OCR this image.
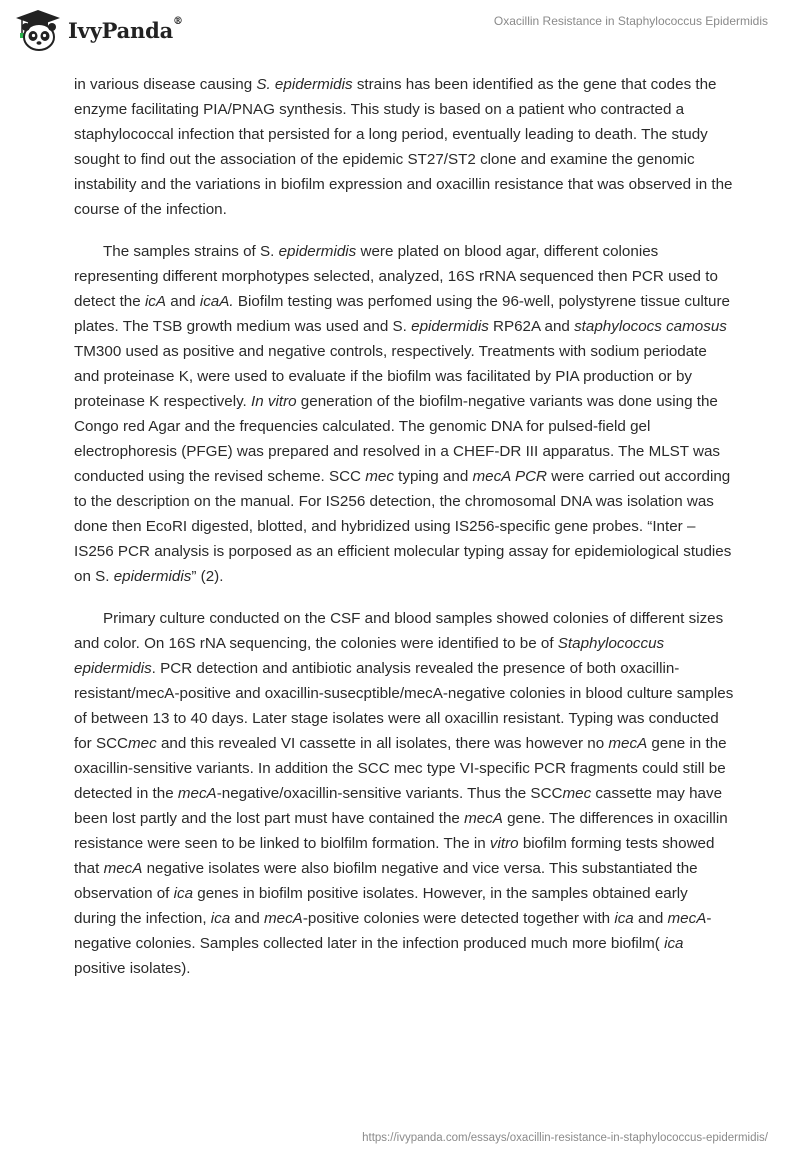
IvyPanda®	Oxacillin Resistance in Staphylococcus Epidermidis

in various disease causing S. epidermidis strains has been identified as the gene that codes the enzyme facilitating PIA/PNAG synthesis. This study is based on a patient who contracted a staphylococcal infection that persisted for a long period, eventually leading to death. The study sought to find out the association of the epidemic ST27/ST2 clone and examine the genomic instability and the variations in biofilm expression and oxacillin resistance that was observed in the course of the infection.

The samples strains of S. epidermidis were plated on blood agar, different colonies representing different morphotypes selected, analyzed, 16S rRNA sequenced then PCR used to detect the icA and icaA. Biofilm testing was perfomed using the 96-well, polystyrene tissue culture plates. The TSB growth medium was used and S. epidermidis RP62A and staphylococs camosus TM300 used as positive and negative controls, respectively. Treatments with sodium periodate and proteinase K, were used to evaluate if the biofilm was facilitated by PIA production or by proteinase K respectively. In vitro generation of the biofilm-negative variants was done using the Congo red Agar and the frequencies calculated. The genomic DNA for pulsed-field gel electrophoresis (PFGE) was prepared and resolved in a CHEF-DR III apparatus. The MLST was conducted using the revised scheme. SCC mec typing and mecA PCR were carried out according to the description on the manual. For IS256 detection, the chromosomal DNA was isolation was done then EcoRI digested, blotted, and hybridized using IS256-specific gene probes. “Inter –IS256 PCR analysis is porposed as an efficient molecular typing assay for epidemiological studies on S. epidermidis” (2).

Primary culture conducted on the CSF and blood samples showed colonies of different sizes and color. On 16S rNA sequencing, the colonies were identified to be of Staphylococcus epidermidis. PCR detection and antibiotic analysis revealed the presence of both oxacillin-resistant/mecA-positive and oxacillin-susecptible/mecA-negative colonies in blood culture samples of between 13 to 40 days. Later stage isolates were all oxacillin resistant. Typing was conducted for SCCmec and this revealed VI cassette in all isolates, there was however no mecA gene in the oxacillin-sensitive variants. In addition the SCC mec type VI-specific PCR fragments could still be detected in the mecA-negative/oxacillin-sensitive variants. Thus the SCCmec cassette may have been lost partly and the lost part must have contained the mecA gene. The differences in oxacillin resistance were seen to be linked to biolfilm formation. The in vitro biofilm forming tests showed that mecA negative isolates were also biofilm negative and vice versa. This substantiated the observation of ica genes in biofilm positive isolates. However, in the samples obtained early during the infection, ica and mecA-positive colonies were detected together with ica and mecA-negative colonies. Samples collected later in the infection produced much more biofilm( ica positive isolates).

https://ivypanda.com/essays/oxacillin-resistance-in-staphylococcus-epidermidis/
